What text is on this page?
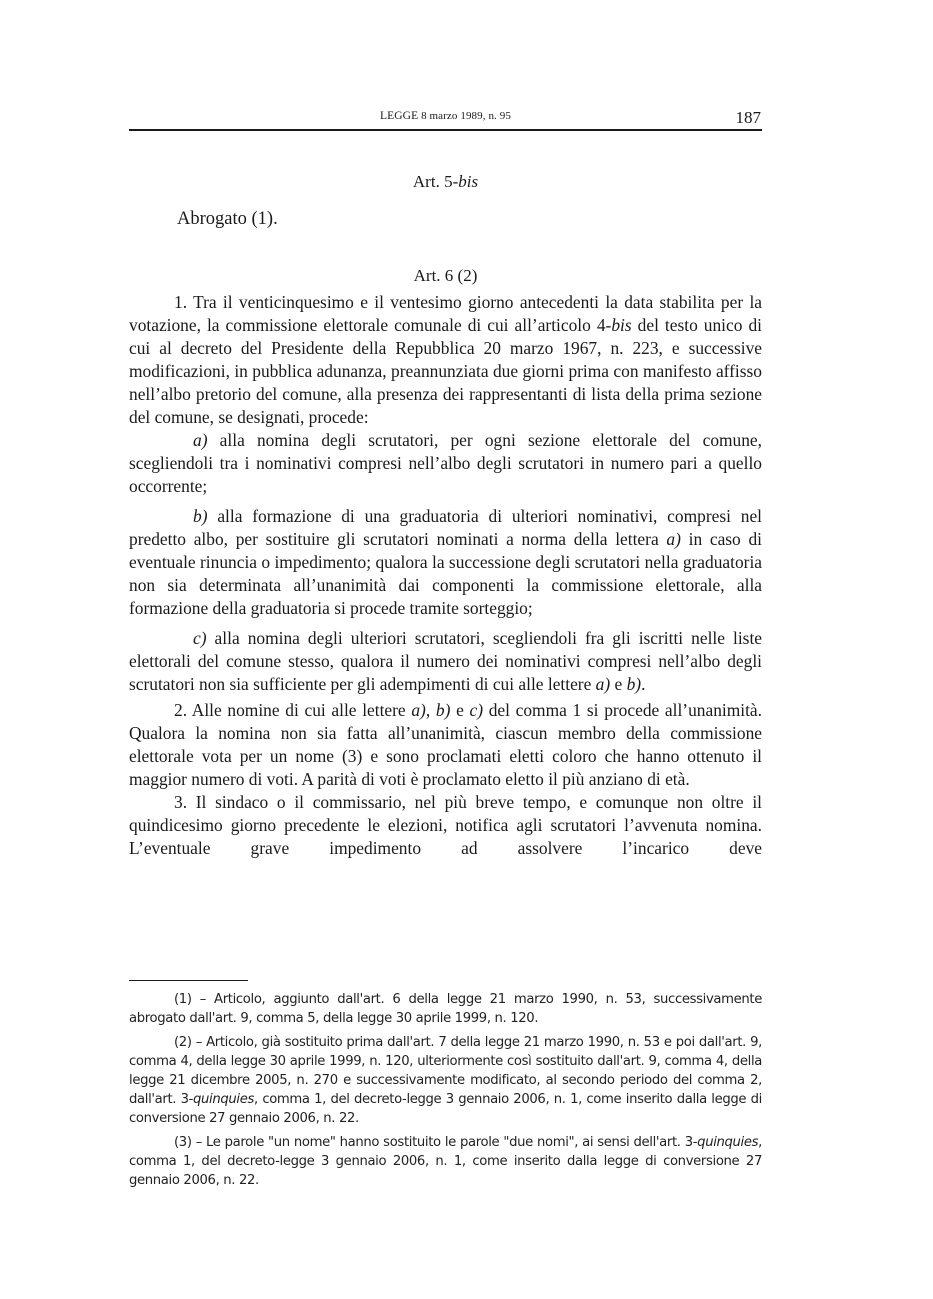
LEGGE 8 marzo 1989, n. 95	187
Art. 5-bis
Abrogato (1).
Art. 6 (2)

1. Tra il venticinquesimo e il ventesimo giorno antecedenti la data stabilita per la votazione, la commissione elettorale comunale di cui all’articolo 4-bis del testo unico di cui al decreto del Presidente della Repubblica 20 marzo 1967, n. 223, e successive modificazioni, in pubblica adunanza, preannunziata due giorni prima con manifesto affisso nell’albo pretorio del comune, alla presenza dei rappresentanti di lista della prima sezione del comune, se designati, procede:

a) alla nomina degli scrutatori, per ogni sezione elettorale del comune, scegliendoli tra i nominativi compresi nell’albo degli scrutatori in numero pari a quello occorrente;

b) alla formazione di una graduatoria di ulteriori nominativi, compresi nel predetto albo, per sostituire gli scrutatori nominati a norma della lettera a) in caso di eventuale rinuncia o impedimento; qualora la successione degli scrutatori nella graduatoria non sia determinata all’unanimità dai componenti la commissione elettorale, alla formazione della graduatoria si procede tramite sorteggio;

c) alla nomina degli ulteriori scrutatori, scegliendoli fra gli iscritti nelle liste elettorali del comune stesso, qualora il numero dei nominativi compresi nell’albo degli scrutatori non sia sufficiente per gli adempimenti di cui alle lettere a) e b).

2. Alle nomine di cui alle lettere a), b) e c) del comma 1 si procede all’unanimità. Qualora la nomina non sia fatta all’unanimità, ciascun membro della commissione elettorale vota per un nome (3) e sono proclamati eletti coloro che hanno ottenuto il maggior numero di voti. A parità di voti è proclamato eletto il più anziano di età.

3. Il sindaco o il commissario, nel più breve tempo, e comunque non oltre il quindicesimo giorno precedente le elezioni, notifica agli scrutatori l’avvenuta nomina. L’eventuale grave impedimento ad assolvere l’incarico deve

(1) – Articolo, aggiunto dall'art. 6 della legge 21 marzo 1990, n. 53, successivamente abrogato dall'art. 9, comma 5, della legge 30 aprile 1999, n. 120.

(2) – Articolo, già sostituito prima dall'art. 7 della legge 21 marzo 1990, n. 53 e poi dall'art. 9, comma 4, della legge 30 aprile 1999, n. 120, ulteriormente così sostituito dall'art. 9, comma 4, della legge 21 dicembre 2005, n. 270 e successivamente modificato, al secondo periodo del comma 2, dall'art. 3-quinquies, comma 1, del decreto-legge 3 gennaio 2006, n. 1, come inserito dalla legge di conversione 27 gennaio 2006, n. 22.

(3) – Le parole "un nome" hanno sostituito le parole "due nomi", ai sensi dell'art. 3-quinquies, comma 1, del decreto-legge 3 gennaio 2006, n. 1, come inserito dalla legge di conversione 27 gennaio 2006, n. 22.
